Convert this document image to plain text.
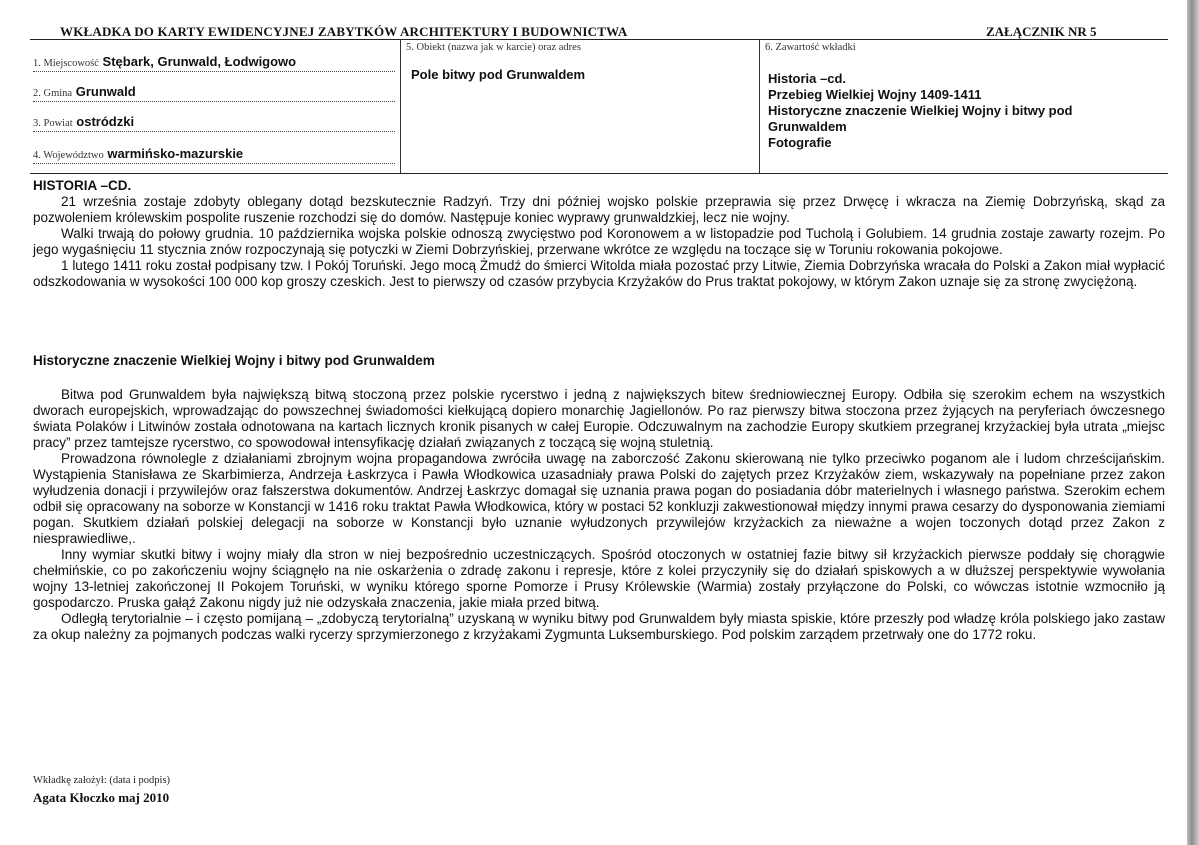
WKŁADKA DO KARTY EWIDENCYJNEJ ZABYTKÓW ARCHITEKTURY I BUDOWNICTWA	ZAŁĄCZNIK NR 5
1. Miejscowość Stębark, Grunwald, Łodwigowo
2. Gmina Grunwald
3. Powiat ostródzki
4. Województwo warmińsko-mazurskie
5. Obiekt (nazwa jak w karcie) oraz adres
Pole bitwy pod Grunwaldem
6. Zawartość wkładki
Historia –cd.
Przebieg Wielkiej Wojny 1409-1411
Historyczne znaczenie Wielkiej Wojny i bitwy pod
Grunwaldem
Fotografie
HISTORIA –CD.

21 września zostaje zdobyty oblegany dotąd bezskutecznie Radzyń. Trzy dni później wojsko polskie przeprawia się przez Drwęcę i wkracza na Ziemię Dobrzyńską, skąd za pozwoleniem królewskim pospolite ruszenie rozchodzi się do domów. Następuje koniec wyprawy grunwaldzkiej, lecz nie wojny.

Walki trwają do połowy grudnia. 10 października wojska polskie odnoszą zwycięstwo pod Koronowem a w listopadzie pod Tucholą i Golubiem. 14 grudnia zostaje zawarty rozejm. Po jego wygaśnięciu 11 stycznia znów rozpoczynają się potyczki w Ziemi Dobrzyńskiej, przerwane wkrótce ze względu na toczące się w Toruniu rokowania pokojowe.

1 lutego 1411 roku został podpisany tzw. I Pokój Toruński. Jego mocą Żmudź do śmierci Witolda miała pozostać przy Litwie, Ziemia Dobrzyńska wracała do Polski a Zakon miał wypłacić odszkodowania w wysokości 100 000 kop groszy czeskich. Jest to pierwszy od czasów przybycia Krzyżaków do Prus traktat pokojowy, w którym Zakon uznaje się za stronę zwyciężoną.

Historyczne znaczenie Wielkiej Wojny i bitwy pod Grunwaldem

Bitwa pod Grunwaldem była największą bitwą stoczoną przez polskie rycerstwo i jedną z największych bitew średniowiecznej Europy. Odbiła się szerokim echem na wszystkich dworach europejskich, wprowadzając do powszechnej świadomości kiełkującą dopiero monarchię Jagiellonów. Po raz pierwszy bitwa stoczona przez żyjących na peryferiach ówczesnego świata Polaków i Litwinów została odnotowana na kartach licznych kronik pisanych w całej Europie. Odczuwalnym na zachodzie Europy skutkiem przegranej krzyżackiej była utrata „miejsc pracy” przez tamtejsze rycerstwo, co spowodował intensyfikację działań związanych z toczącą się wojną stuletnią.

Prowadzona równolegle z działaniami zbrojnym wojna propagandowa zwróciła uwagę na zaborczość Zakonu skierowaną nie tylko przeciwko poganom ale i ludom chrześcijańskim. Wystąpienia Stanisława ze Skarbimierza, Andrzeja Łaskrzyca i Pawła Włodkowica uzasadniały prawa Polski do zajętych przez Krzyżaków ziem, wskazywały na popełniane przez zakon wyłudzenia donacji i przywilejów oraz fałszerstwa dokumentów. Andrzej Łaskrzyc domagał się uznania prawa pogan do posiadania dóbr materielnych i własnego państwa. Szerokim echem odbił się opracowany na soborze w Konstancji w 1416 roku traktat Pawła Włodkowica, który w postaci 52 konkluzji zakwestionował między innymi prawa cesarzy do dysponowania ziemiami pogan. Skutkiem działań polskiej delegacji na soborze w Konstancji było uznanie wyłudzonych przywilejów krzyżackich za nieważne a wojen toczonych dotąd przez Zakon z niesprawiedliwe,.

Inny wymiar skutki bitwy i wojny miały dla stron w niej bezpośrednio uczestniczących. Spośród otoczonych w ostatniej fazie bitwy sił krzyżackich pierwsze poddały się chorągwie chełmińskie, co po zakończeniu wojny ściągnęło na nie oskarżenia o zdradę zakonu i represje, które z kolei przyczyniły się do działań spiskowych a w dłuższej perspektywie wywołania wojny 13-letniej zakończonej II Pokojem Toruński, w wyniku którego sporne Pomorze i Prusy Królewskie (Warmia) zostały przyłączone do Polski, co wówczas istotnie wzmocniło ją gospodarczo. Pruska gałąź Zakonu nigdy już nie odzyskała znaczenia, jakie miała przed bitwą.

Odległą terytorialnie – i często pomijaną – „zdobyczą terytorialną” uzyskaną w wyniku bitwy pod Grunwaldem były miasta spiskie, które przeszły pod władzę króla polskiego jako zastaw za okup należny za pojmanych podczas walki rycerzy sprzymierzonego z krzyżakami Zygmunta Luksemburskiego. Pod polskim zarządem przetrwały one do 1772 roku.

Wkładkę założył: (data i podpis)
Agata Kłoczko maj 2010
